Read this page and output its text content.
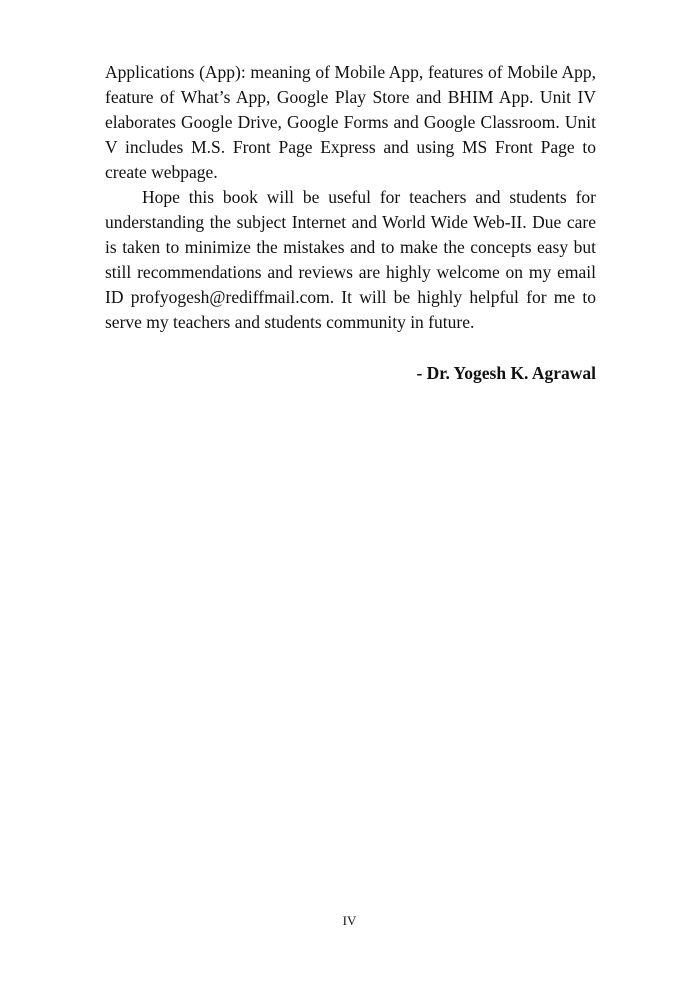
Applications (App): meaning of Mobile App, features of Mobile App, feature of What’s App, Google Play Store and BHIM App. Unit IV elaborates Google Drive, Google Forms and Google Classroom. Unit V includes M.S. Front Page Express and using MS Front Page to create webpage.

Hope this book will be useful for teachers and students for understanding the subject Internet and World Wide Web-II. Due care is taken to minimize the mistakes and to make the concepts easy but still recommendations and reviews are highly welcome on my email ID profyogesh@rediffmail.com. It will be highly helpful for me to serve my teachers and students community in future.

- Dr. Yogesh K. Agrawal
IV
